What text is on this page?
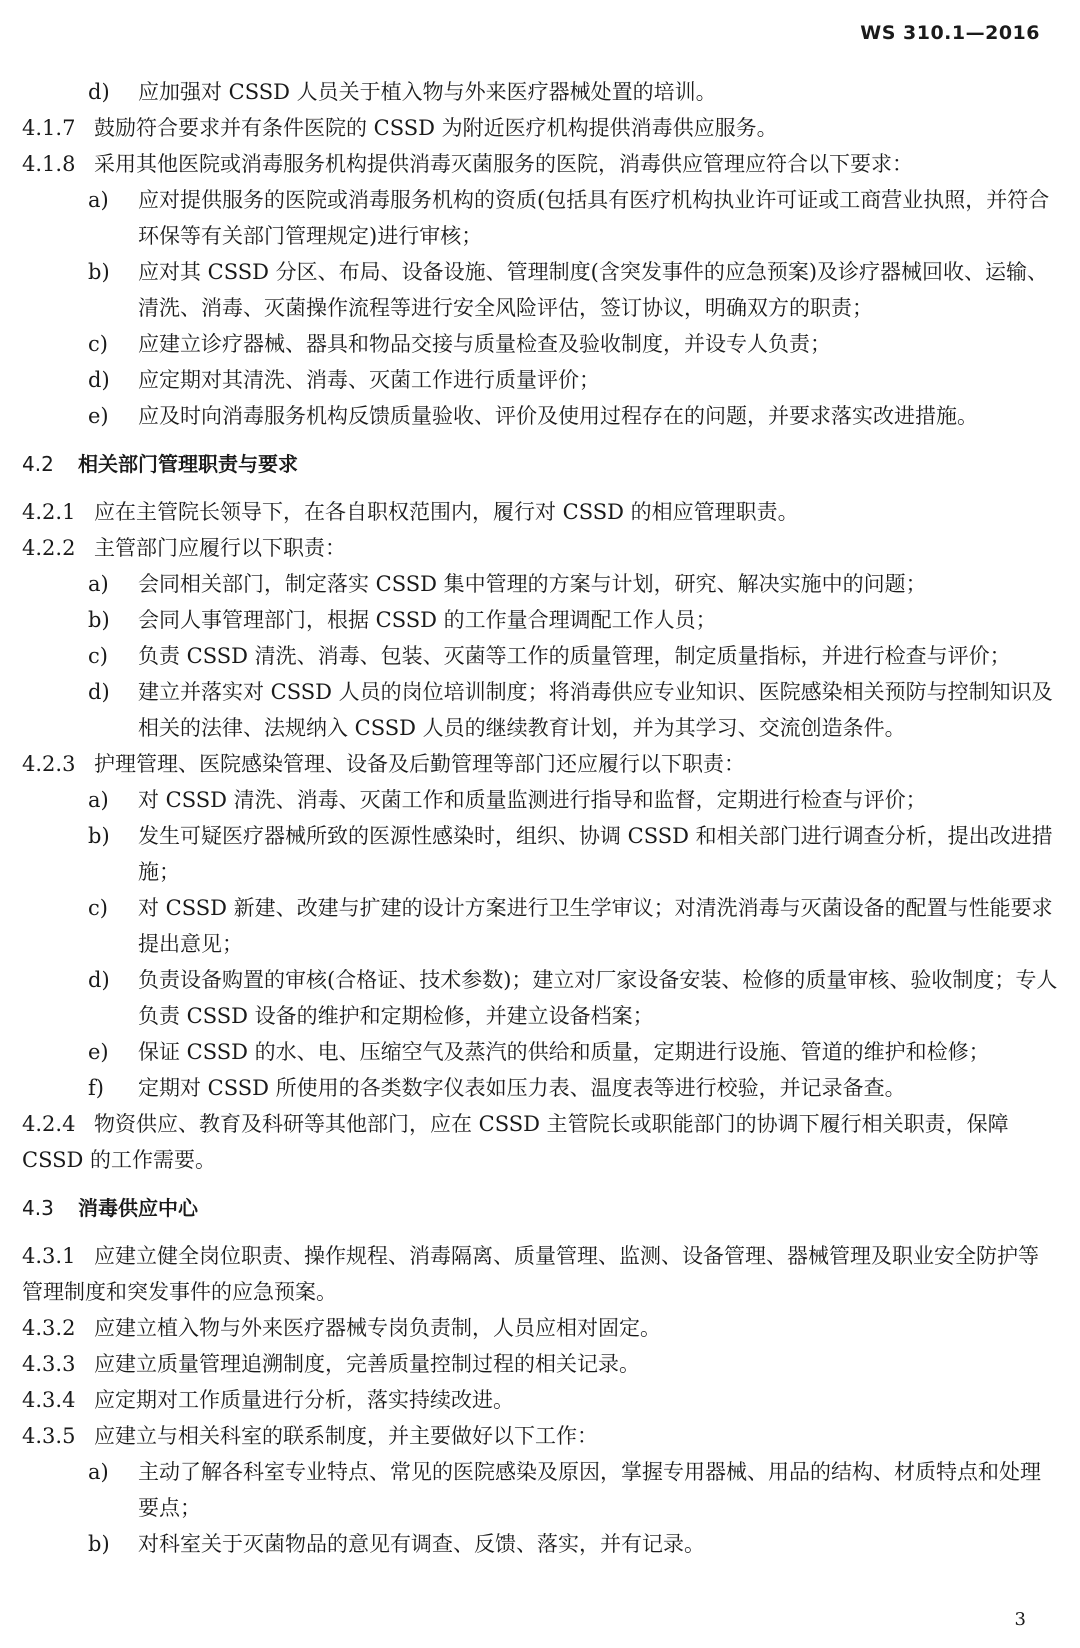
WS 310.1—2016
d) 应加强对 CSSD 人员关于植入物与外来医疗器械处置的培训。
4.1.7 鼓励符合要求并有条件医院的 CSSD 为附近医疗机构提供消毒供应服务。
4.1.8 采用其他医院或消毒服务机构提供消毒灭菌服务的医院，消毒供应管理应符合以下要求：
a) 应对提供服务的医院或消毒服务机构的资质(包括具有医疗机构执业许可证或工商营业执照，并符合环保等有关部门管理规定)进行审核；
b) 应对其 CSSD 分区、布局、设备设施、管理制度(含突发事件的应急预案)及诊疗器械回收、运输、清洗、消毒、灭菌操作流程等进行安全风险评估，签订协议，明确双方的职责；
c) 应建立诊疗器械、器具和物品交接与质量检查及验收制度，并设专人负责；
d) 应定期对其清洗、消毒、灭菌工作进行质量评价；
e) 应及时向消毒服务机构反馈质量验收、评价及使用过程存在的问题，并要求落实改进措施。
4.2 相关部门管理职责与要求
4.2.1 应在主管院长领导下，在各自职权范围内，履行对 CSSD 的相应管理职责。
4.2.2 主管部门应履行以下职责：
a) 会同相关部门，制定落实 CSSD 集中管理的方案与计划，研究、解决实施中的问题；
b) 会同人事管理部门，根据 CSSD 的工作量合理调配工作人员；
c) 负责 CSSD 清洗、消毒、包装、灭菌等工作的质量管理，制定质量指标，并进行检查与评价；
d) 建立并落实对 CSSD 人员的岗位培训制度；将消毒供应专业知识、医院感染相关预防与控制知识及相关的法律、法规纳入 CSSD 人员的继续教育计划，并为其学习、交流创造条件。
4.2.3 护理管理、医院感染管理、设备及后勤管理等部门还应履行以下职责：
a) 对 CSSD 清洗、消毒、灭菌工作和质量监测进行指导和监督，定期进行检查与评价；
b) 发生可疑医疗器械所致的医源性感染时，组织、协调 CSSD 和相关部门进行调查分析，提出改进措施；
c) 对 CSSD 新建、改建与扩建的设计方案进行卫生学审议；对清洗消毒与灭菌设备的配置与性能要求提出意见；
d) 负责设备购置的审核(合格证、技术参数)；建立对厂家设备安装、检修的质量审核、验收制度；专人负责 CSSD 设备的维护和定期检修，并建立设备档案；
e) 保证 CSSD 的水、电、压缩空气及蒸汽的供给和质量，定期进行设施、管道的维护和检修；
f) 定期对 CSSD 所使用的各类数字仪表如压力表、温度表等进行校验，并记录备查。
4.2.4 物资供应、教育及科研等其他部门，应在 CSSD 主管院长或职能部门的协调下履行相关职责，保障 CSSD 的工作需要。
4.3 消毒供应中心
4.3.1 应建立健全岗位职责、操作规程、消毒隔离、质量管理、监测、设备管理、器械管理及职业安全防护等管理制度和突发事件的应急预案。
4.3.2 应建立植入物与外来医疗器械专岗负责制，人员应相对固定。
4.3.3 应建立质量管理追溯制度，完善质量控制过程的相关记录。
4.3.4 应定期对工作质量进行分析，落实持续改进。
4.3.5 应建立与相关科室的联系制度，并主要做好以下工作：
a) 主动了解各科室专业特点、常见的医院感染及原因，掌握专用器械、用品的结构、材质特点和处理要点；
b) 对科室关于灭菌物品的意见有调查、反馈、落实，并有记录。
3
